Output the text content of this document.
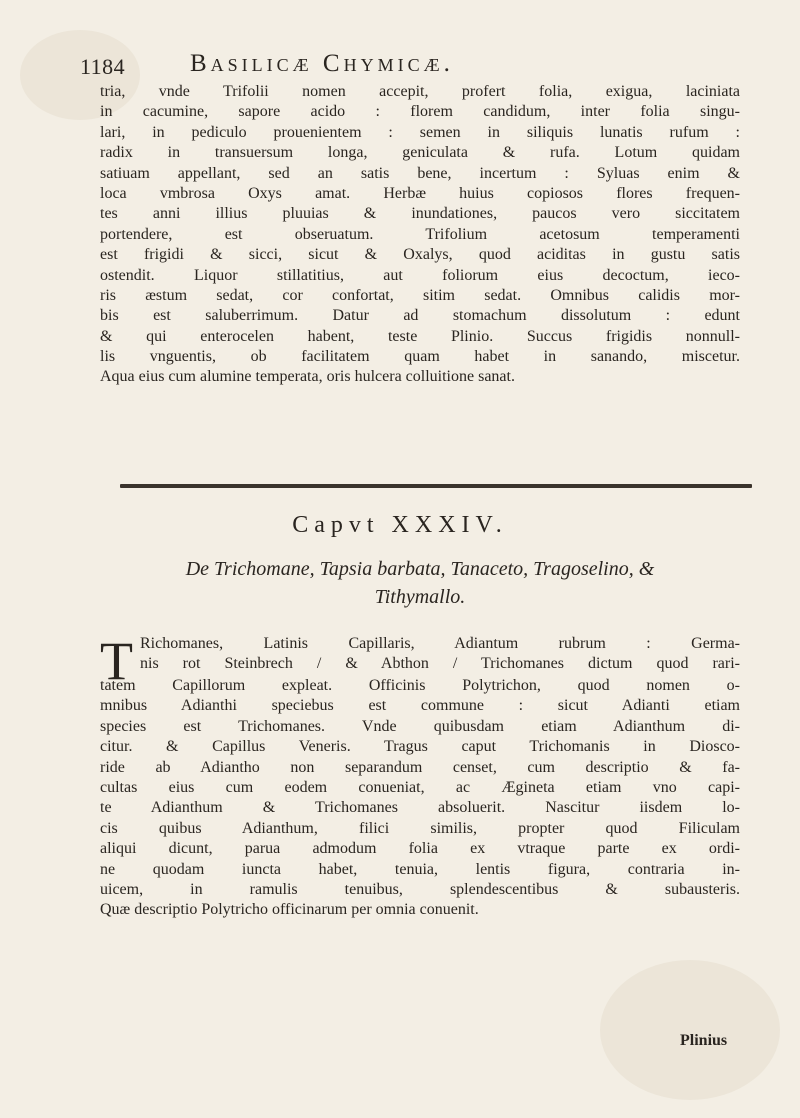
1184	Basilicæ Chymicæ.
tria, vnde Trifolii nomen accepit, profert folia, exigua, laciniata
in cacumine, sapore acido : florem candidum, inter folia singu-
lari, in pediculo prouenientem : semen in siliquis lunatis rufum :
radix in transuersum longa, geniculata & rufa. Lotum quidam
satiuam appellant, sed an satis bene, incertum : Syluas enim &
loca vmbrosa Oxys amat. Herbæ huius copiosos flores frequen-
tes anni illius pluuias & inundationes, paucos vero siccitatem
portendere, est obseruatum. Trifolium acetosum temperamenti
est frigidi & sicci, sicut & Oxalys, quod aciditas in gustu satis
ostendit. Liquor stillatitius, aut foliorum eius decoctum, ieco-
ris æstum sedat, cor confortat, sitim sedat. Omnibus calidis mor-
bis est saluberrimum. Datur ad stomachum dissolutum : edunt
& qui enterocelen habent, teste Plinio. Succus frigidis nonnull-
lis vnguentis, ob facilitatem quam habet in sanando, miscetur.
Aqua eius cum alumine temperata, oris hulcera colluitione sanat.
Capvt XXXIV.
De Trichomane, Tapsia barbata, Tanaceto, Tragoselino, &
Tithymallo.
T Richomanes, Latinis Capillaris, Adiantum rubrum : Germa-
nis rot Steinbrech / & Abthon / Trichomanes dictum quod rari-
tatem Capillorum expleat. Officinis Polytrichon, quod nomen o-
mnibus Adianthi speciebus est commune : sicut Adianti etiam
species est Trichomanes. Vnde quibusdam etiam Adianthum di-
citur. & Capillus Veneris. Tragus caput Trichomanis in Diosco-
ride ab Adiantho non separandum censet, cum descriptio & fa-
cultas eius cum eodem conueniat, ac Ægineta etiam vno capi-
te Adianthum & Trichomanes absoluerit. Nascitur iisdem lo-
cis quibus Adianthum, filici similis, propter quod Filiculam
aliqui dicunt, parua admodum folia ex vtraque parte ex ordi-
ne quodam iuncta habet, tenuia, lentis figura, contraria in-
uicem, in ramulis tenuibus, splendescentibus & subausteris.
Quæ descriptio Polytricho officinarum per omnia conuenit.
Plinius
